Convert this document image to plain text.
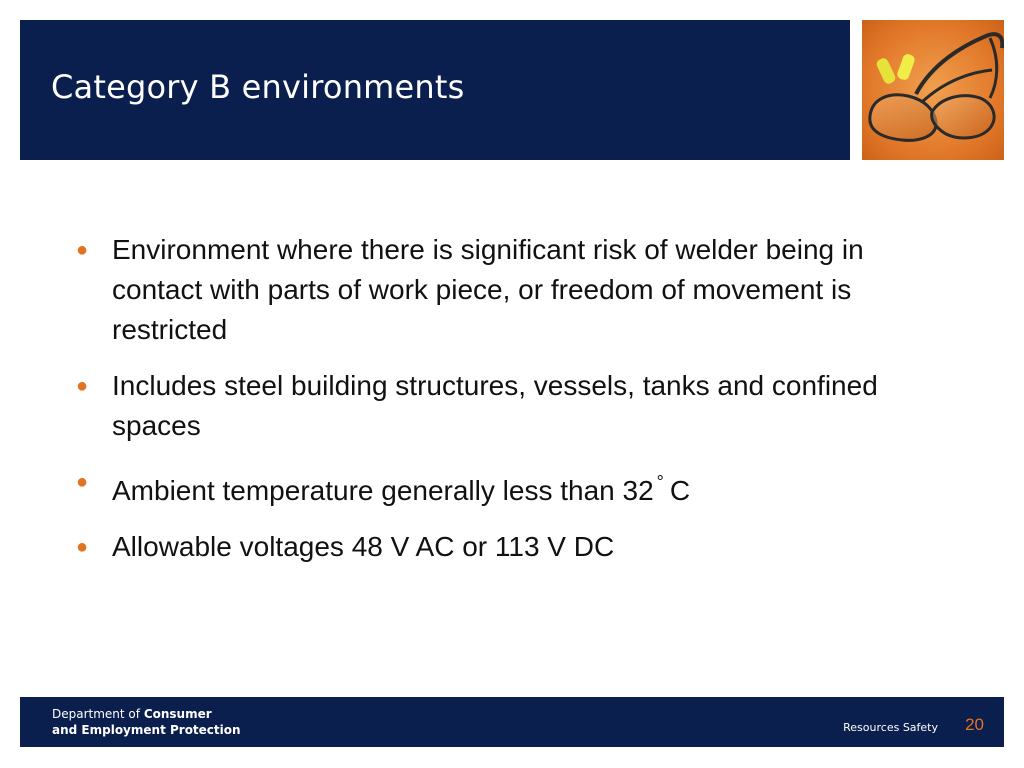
Category B environments
● Environment where there is significant risk of welder being in contact with parts of work piece, or freedom of movement is restricted
● Includes steel building structures, vessels, tanks and confined spaces
● Ambient temperature generally less than 32 ° C
● Allowable voltages 48 V AC or 113 V DC
Department of Consumer
and Employment Protection	Resources Safety 20
